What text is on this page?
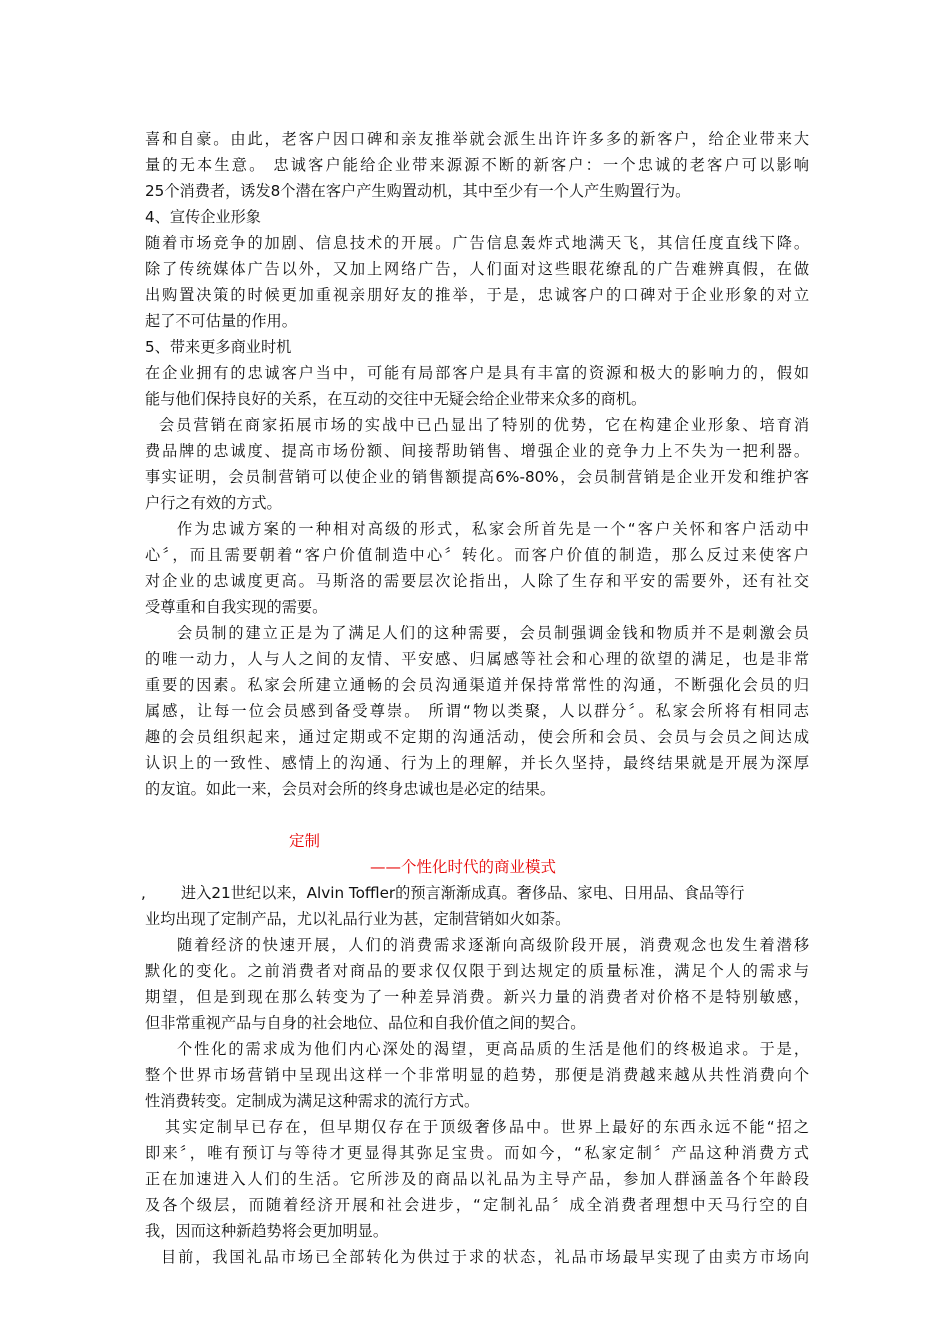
喜和自豪。由此，老客户因口碑和亲友推举就会派生出许许多多的新客户，给企业带来大
量的无本生意。 忠诚客户能给企业带来源源不断的新客户：一个忠诚的老客户可以影响
25个消费者，诱发8个潜在客户产生购置动机，其中至少有一个人产生购置行为。
4、宣传企业形象
随着市场竞争的加剧、信息技术的开展。广告信息轰炸式地满天飞，其信任度直线下降。
除了传统媒体广告以外，又加上网络广告，人们面对这些眼花缭乱的广告难辨真假，在做
出购置决策的时候更加重视亲朋好友的推举，于是，忠诚客户的口碑对于企业形象的对立
起了不可估量的作用。
5、带来更多商业时机
在企业拥有的忠诚客户当中，可能有局部客户是具有丰富的资源和极大的影响力的，假如
能与他们保持良好的关系，在互动的交往中无疑会给企业带来众多的商机。
会员营销在商家拓展市场的实战中已凸显出了特别的优势，它在构建企业形象、培育消
费品牌的忠诚度、提高市场份额、间接帮助销售、增强企业的竞争力上不失为一把利器。
事实证明，会员制营销可以使企业的销售额提高6%-80%，会员制营销是企业开发和维护客
户行之有效的方式。
作为忠诚方案的一种相对高级的形式，私家会所首先是一个“客户关怀和客户活动中
心〞，而且需要朝着“客户价值制造中心〞转化。而客户价值的制造，那么反过来使客户
对企业的忠诚度更高。马斯洛的需要层次论指出，人除了生存和平安的需要外，还有社交
受尊重和自我实现的需要。
会员制的建立正是为了满足人们的这种需要，会员制强调金钱和物质并不是刺激会员
的唯一动力，人与人之间的友情、平安感、归属感等社会和心理的欲望的满足，也是非常
重要的因素。私家会所建立通畅的会员沟通渠道并保持常常性的沟通，不断强化会员的归
属感，让每一位会员感到备受尊崇。 所谓“物以类聚，人以群分〞。私家会所将有相同志
趣的会员组织起来，通过定期或不定期的沟通活动，使会所和会员、会员与会员之间达成
认识上的一致性、感情上的沟通、行为上的理解，并长久坚持，最终结果就是开展为深厚
的友谊。如此一来，会员对会所的终身忠诚也是必定的结果。
定制
——个性化时代的商业模式
, 进入21世纪以来，Alvin Toffler的预言渐渐成真。奢侈品、家电、日用品、食品等行
业均出现了定制产品，尤以礼品行业为甚，定制营销如火如荼。
随着经济的快速开展，人们的消费需求逐渐向高级阶段开展，消费观念也发生着潜移
默化的变化。之前消费者对商品的要求仅仅限于到达规定的质量标准，满足个人的需求与
期望，但是到现在那么转变为了一种差异消费。新兴力量的消费者对价格不是特别敏感，
但非常重视产品与自身的社会地位、品位和自我价值之间的契合。
个性化的需求成为他们内心深处的渴望，更高品质的生活是他们的终极追求。于是，
整个世界市场营销中呈现出这样一个非常明显的趋势，那便是消费越来越从共性消费向个
性消费转变。定制成为满足这种需求的流行方式。
其实定制早已存在，但早期仅存在于顶级奢侈品中。世界上最好的东西永远不能“招之
即来〞，唯有预订与等待才更显得其弥足宝贵。而如今，“私家定制〞产品这种消费方式
正在加速进入人们的生活。它所涉及的商品以礼品为主导产品，参加人群涵盖各个年龄段
及各个级层，而随着经济开展和社会进步，“定制礼品〞成全消费者理想中天马行空的自
我，因而这种新趋势将会更加明显。
目前，我国礼品市场已全部转化为供过于求的状态，礼品市场最早实现了由卖方市场向
